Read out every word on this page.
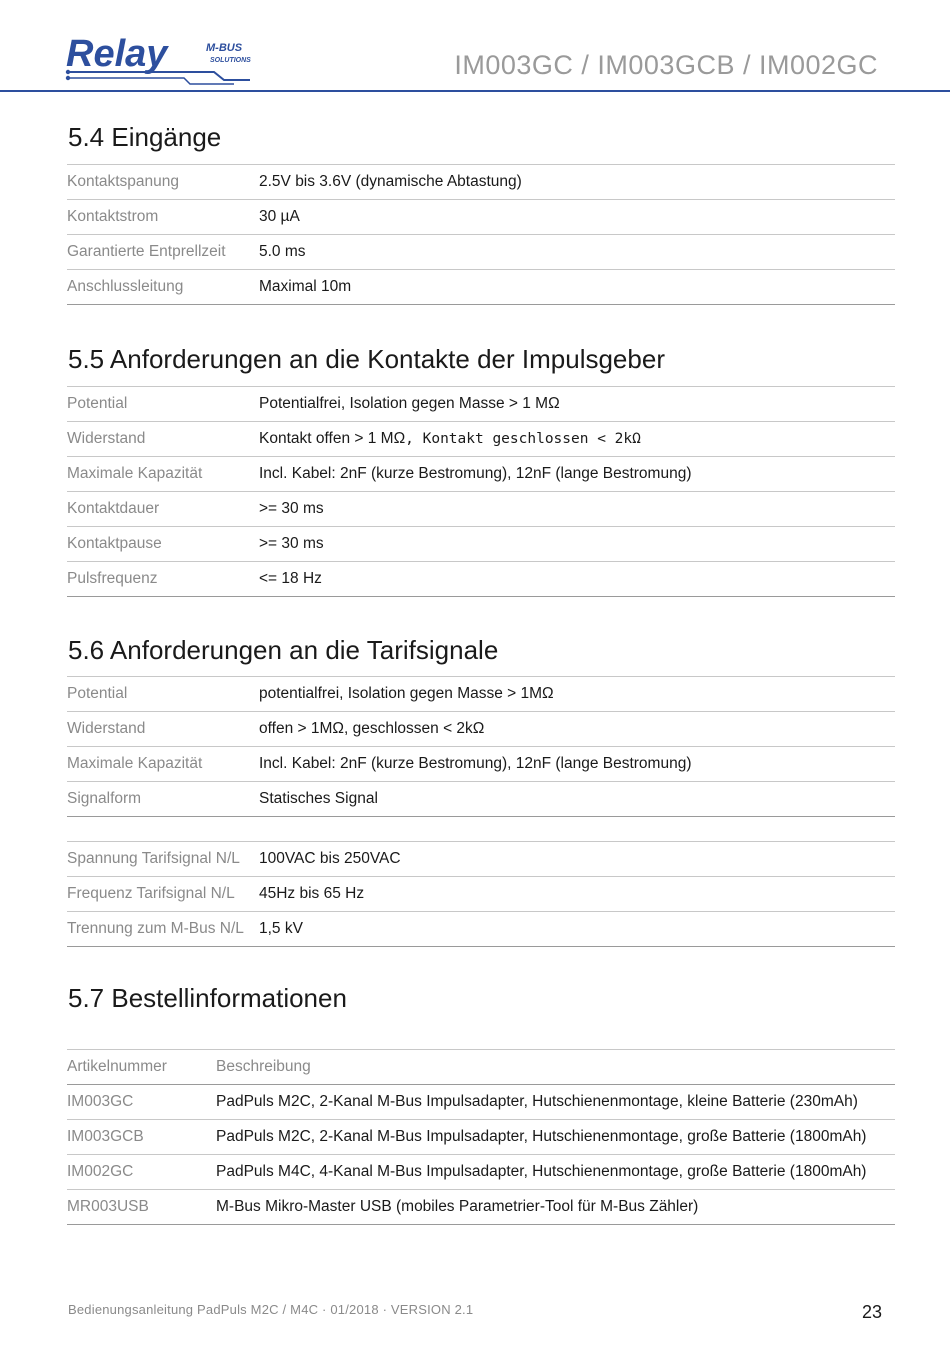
Relay	M-BUS
SOLUTIONS	IM003GC / IM003GCB / IM002GC
5.4 Eingänge
Kontaktspanung	2.5V bis 3.6V (dynamische Abtastung)
Kontaktstrom	30 µA
Garantierte Entprellzeit	5.0 ms
Anschlussleitung	Maximal 10m
5.5 Anforderungen an die Kontakte der Impulsgeber
Potential	Potentialfrei, Isolation gegen Masse > 1 MΩ
Widerstand	Kontakt offen > 1 MΩ, Kontakt geschlossen < 2kΩ
Maximale Kapazität	Incl. Kabel: 2nF (kurze Bestromung), 12nF (lange Bestromung)
Kontaktdauer	>= 30 ms
Kontaktpause	>= 30 ms
Pulsfrequenz	<= 18 Hz
5.6 Anforderungen an die Tarifsignale
Potential	potentialfrei, Isolation gegen Masse > 1MΩ
Widerstand	offen > 1MΩ, geschlossen < 2kΩ
Maximale Kapazität	Incl. Kabel: 2nF (kurze Bestromung), 12nF (lange Bestromung)
Signalform	Statisches Signal
Spannung Tarifsignal N/L	100VAC bis 250VAC
Frequenz Tarifsignal N/L	45Hz bis 65 Hz
Trennung zum M-Bus N/L	1,5 kV
5.7 Bestellinformationen
Artikelnummer	Beschreibung
IM003GC	PadPuls M2C, 2-Kanal M-Bus Impulsadapter, Hutschienenmontage, kleine Batterie (230mAh)
IM003GCB	PadPuls M2C, 2-Kanal M-Bus Impulsadapter, Hutschienenmontage, große Batterie (1800mAh)
IM002GC	PadPuls M4C, 4-Kanal M-Bus Impulsadapter, Hutschienenmontage, große Batterie (1800mAh)
MR003USB	M-Bus Mikro-Master USB (mobiles Parametrier-Tool für M-Bus Zähler)
Bedienungsanleitung PadPuls M2C / M4C · 01/2018 · VERSION 2.1	23
